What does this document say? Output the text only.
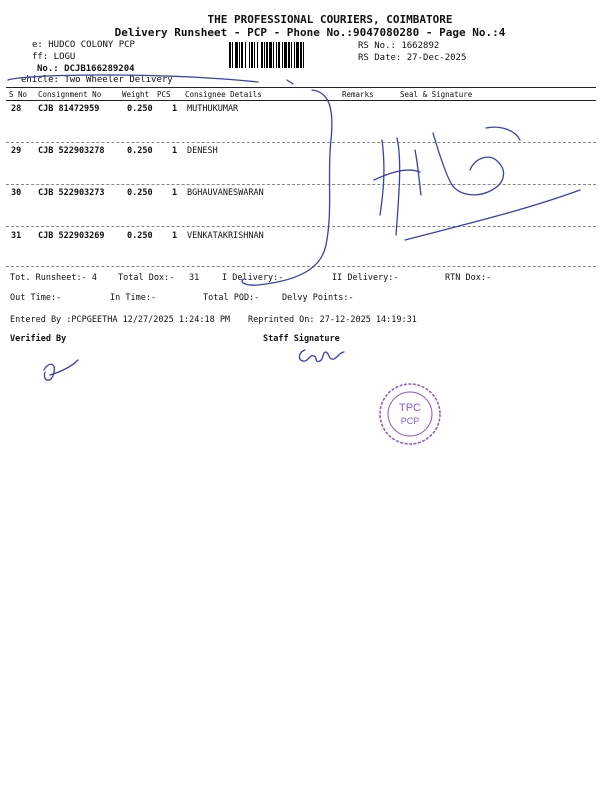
THE PROFESSIONAL COURIERS, COIMBATORE
Delivery Runsheet - PCP - Phone No.:9047080280 - Page No.:4
e: HUDCO COLONY PCP
ff: LOGU
No.: DCJB166289204
ehicle: Two Wheeler Delivery
RS No.: 1662892
RS Date: 27-Dec-2025
S No Consignment No	Weight PCS Consignee Details	Remarks	Seal & Signature
28 CJB 81472959	0.250 1 MUTHUKUMAR
29 CJB 522903278	0.250 1 DENESH
30 CJB 522903273	0.250 1 BGHAUVANESWARAN
31 CJB 522903269	0.250 1 VENKATAKRISHNAN
Tot. Runsheet:- 4 Total Dox:- 31	I Delivery:-	II Delivery:-	RTN Dox:-
Out Time:-	In Time:-	Total POD:-	Delvy Points:-
Entered By :PCPGEETHA 12/27/2025 1:24:18 PM Reprinted On: 27-12-2025 14:19:31
Verified By	Staff Signature
TPC
PCP
